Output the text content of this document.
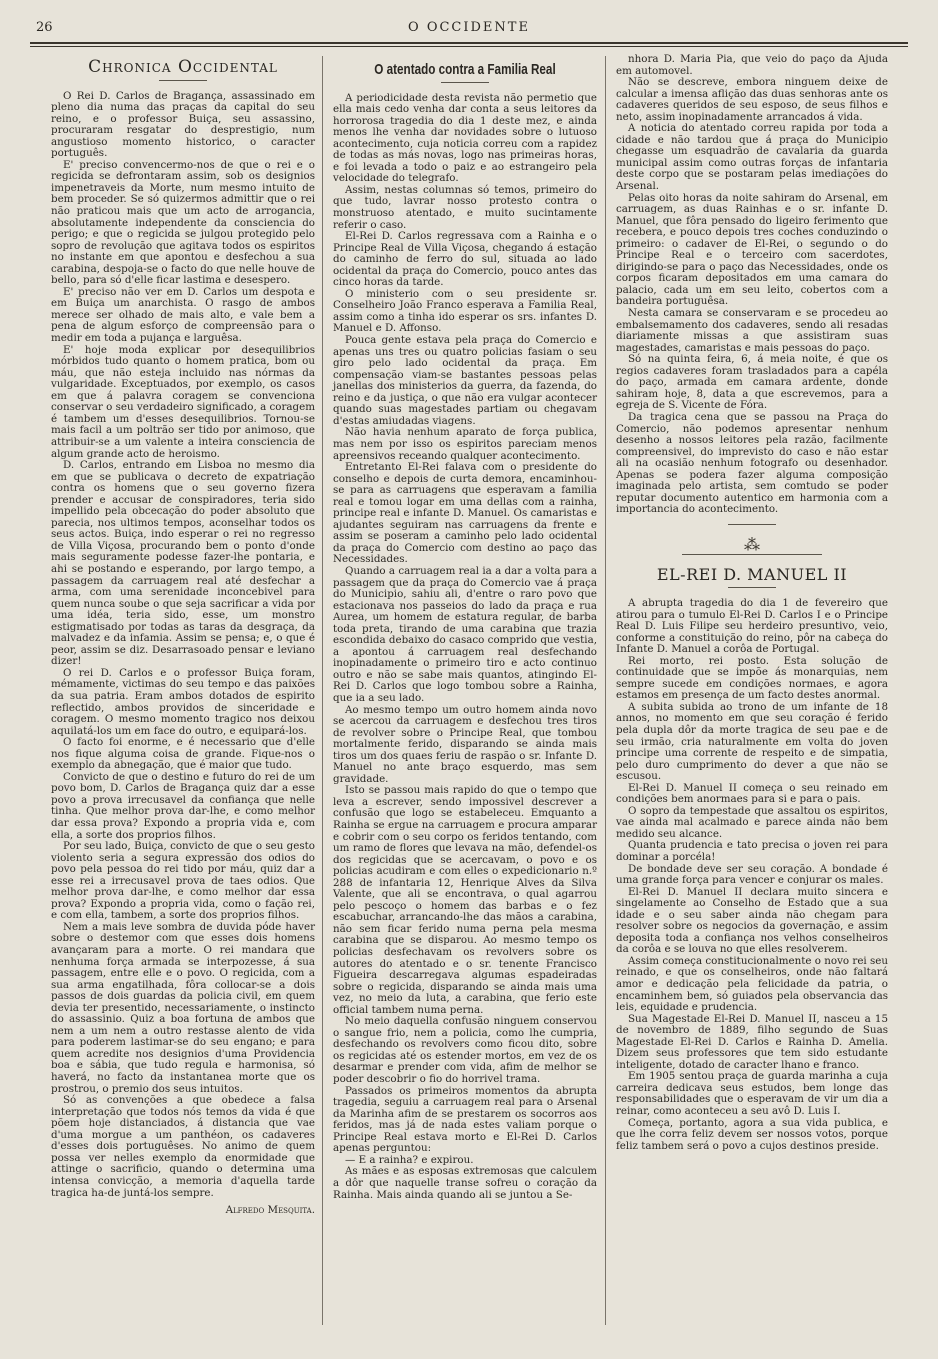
26	O OCCIDENTE
Chronica Occidental

O Rei D. Carlos de Bragança, assassinado em pleno dia numa das praças da capital do seu reino, e o professor Buiça, seu assassino, procuraram resgatar do desprestigio, num angustioso momento historico, o caracter português.

E' preciso convencermo-nos de que o rei e o regicida se defrontaram assim, sob os designios impenetraveis da Morte, num mesmo intuito de bem proceder. Se só quizermos admittir que o rei não praticou mais que um acto de arrogancia, absolutamente independente da consciencia do perigo; e que o regicida se julgou protegido pelo sopro de revolução que agitava todos os espiritos no instante em que apontou e desfechou a sua carabina, despoja-se o facto do que nelle houve de bello, para só d'elle ficar lastima e desespero.

E' preciso não ver em D. Carlos um despota e em Buiça um anarchista. O rasgo de ambos merece ser olhado de mais alto, e vale bem a pena de algum esforço de compreensão para o medir em toda a pujança e larguêsa.

E' hoje moda explicar por desequilibrios mórbidos tudo quanto o homem pratica, bom ou máu, que não esteja incluido nas nórmas da vulgaridade. Exceptuados, por exemplo, os casos em que á palavra coragem se convenciona conservar o seu verdadeiro significado, a coragem é tambem um d'esses desequilibrios. Tornou-se mais facil a um poltrão ser tido por animoso, que attribuir-se a um valente a inteira consciencia de algum grande acto de heroismo.

D. Carlos, entrando em Lisboa no mesmo dia em que se publicava o decreto de expatriação contra os homens que o seu governo fizera prender e accusar de conspiradores, teria sido impellido pela obcecação do poder absoluto que parecia, nos ultimos tempos, aconselhar todos os seus actos. Buiça, indo esperar o rei no regresso de Villa Viçosa, procurando bem o ponto d'onde mais seguramente podesse fazer-lhe pontaria, e ahi se postando e esperando, por largo tempo, a passagem da carruagem real até desfechar a arma, com uma serenidade inconcebivel para quem nunca soube o que seja sacrificar a vida por uma idéa, teria sido, esse, um monstro estigmatisado por todas as taras da desgraça, da malvadez e da infamia. Assim se pensa; e, o que é peor, assim se diz. Desarrasoado pensar e leviano dizer!

O rei D. Carlos e o professor Buiça foram, mémamente, victimas do seu tempo e das paixões da sua patria. Eram ambos dotados de espirito reflectido, ambos providos de sinceridade e coragem. O mesmo momento tragico nos deixou aquilatá-los um em face do outro, e equipará-los.

O facto foi enorme, e é necessario que d'elle nos fique alguma coisa de grande. Fique-nos o exemplo da abnegação, que é maior que tudo.

Convicto de que o destino e futuro do rei de um povo bom, D. Carlos de Bragança quiz dar a esse povo a prova irrecusavel da confiança que nelle tinha. Que melhor prova dar-lhe, e como melhor dar essa prova? Expondo a propria vida e, com ella, a sorte dos proprios filhos.

Por seu lado, Buiça, convicto de que o seu gesto violento seria a segura expressão dos odios do povo pela pessoa do rei tido por máu, quiz dar a esse rei a irrecusavel prova de taes odios. Que melhor prova dar-lhe, e como melhor dar essa prova? Expondo a propria vida, como o fação rei, e com ella, tambem, a sorte dos proprios filhos.

Nem a mais leve sombra de duvida póde haver sobre o destemor com que esses dois homens avançaram para a morte. O rei mandara que nenhuma força armada se interpozesse, á sua passagem, entre elle e o povo. O regicida, com a sua arma engatilhada, fôra collocar-se a dois passos de dois guardas da policia civil, em quem devia ter presentido, necessariamente, o instincto do assassinio. Quiz a boa fortuna de ambos que nem a um nem a outro restasse alento de vida para poderem lastimar-se do seu engano; e para quem acredite nos designios d'uma Providencia boa e sábia, que tudo regula e harmonisa, só haverá, no facto da instantanea morte que os prostrou, o premio dos seus intuitos.

Só as convenções a que obedece a falsa interpretação que todos nós temos da vida é que põem hoje distanciados, á distancia que vae d'uma morgue a um panthéon, os cadaveres d'esses dois portuguêses. No animo de quem possa ver nelles exemplo da enormidade que attinge o sacrificio, quando o determina uma intensa convicção, a memoria d'aquella tarde tragica ha-de juntá-los sempre.

Alfredo Mesquita.

O atentado contra a Familia Real

A periodicidade desta revista não permetio que ella mais cedo venha dar conta a seus leitores da horrorosa tragedia do dia 1 deste mez, e ainda menos lhe venha dar novidades sobre o lutuoso acontecimento, cuja noticia correu com a rapidez de todas as más novas, logo nas primeiras horas, e foi levada a todo o paiz e ao estrangeiro pela velocidade do telegrafo.

Assim, nestas columnas só temos, primeiro do que tudo, lavrar nosso protesto contra o monstruoso atentado, e muito sucintamente referir o caso.

El-Rei D. Carlos regressava com a Rainha e o Principe Real de Villa Viçosa, chegando á estação do caminho de ferro do sul, situada ao lado ocidental da praça do Comercio, pouco antes das cinco horas da tarde.

O ministerio com o seu presidente sr. Conselheiro João Franco esperava a Familia Real, assim como a tinha ido esperar os srs. infantes D. Manuel e D. Affonso.

Pouca gente estava pela praça do Comercio e apenas uns tres ou quatro policias fasiam o seu giro pelo lado ocidental da praça. Em compensação viam-se bastantes pessoas pelas janellas dos ministerios da guerra, da fazenda, do reino e da justiça, o que não era vulgar acontecer quando suas magestades partiam ou chegavam d'estas amiudadas viagens.

Não havia nenhum aparato de força publica, mas nem por isso os espiritos pareciam menos apreensivos receando qualquer acontecimento.

Entretanto El-Rei falava com o presidente do conselho e depois de curta demora, encaminhou-se para as carruagens que esperavam a familia real e tomou logar em uma dellas com a rainha, principe real e infante D. Manuel. Os camaristas e ajudantes seguiram nas carruagens da frente e assim se poseram a caminho pelo lado ocidental da praça do Comercio com destino ao paço das Necessidades.

Quando a carruagem real ia a dar a volta para a passagem que da praça do Comercio vae á praça do Municipio, sahiu ali, d'entre o raro povo que estacionava nos passeios do lado da praça e rua Aurea, um homem de estatura regular, de barba toda preta, tirando de uma carabina que trazia escondida debaixo do casaco comprido que vestia, a apontou á carruagem real desfechando inopinadamente o primeiro tiro e acto continuo outro e não se sabe mais quantos, atingindo El-Rei D. Carlos que logo tombou sobre a Rainha, que ia a seu lado.

Ao mesmo tempo um outro homem ainda novo se acercou da carruagem e desfechou tres tiros de revolver sobre o Principe Real, que tombou mortalmente ferido, disparando se ainda mais tiros um dos quaes feriu de raspão o sr. Infante D. Manuel no ante braço esquerdo, mas sem gravidade.

Isto se passou mais rapido do que o tempo que leva a escrever, sendo impossivel descrever a confusão que logo se estabeleceu. Emquanto a Rainha se ergue na carruagem e procura amparar e cobrir com o seu corpo os feridos tentando, com um ramo de flores que levava na mão, defendel-os dos regicidas que se acercavam, o povo e os policias acudiram e com elles o expedicionario n.º 288 de infantaria 12, Henrique Alves da Silva Valente, que ali se encontrava, o qual agarrou pelo pescoço o homem das barbas e o fez escabuchar, arrancando-lhe das mãos a carabina, não sem ficar ferido numa perna pela mesma carabina que se disparou. Ao mesmo tempo os policias desfechavam os revolvers sobre os autores do atentado e o sr. tenente Francisco Figueira descarregava algumas espadeiradas sobre o regicida, disparando se ainda mais uma vez, no meio da luta, a carabina, que ferio este official tambem numa perna.

No meio daquella confusão ninguem conservou o sangue frio, nem a policia, como lhe cumpria, desfechando os revolvers como ficou dito, sobre os regicidas até os estender mortos, em vez de os desarmar e prender com vida, afim de melhor se poder descobrir o fio do horrivel trama.

Passados os primeiros momentos da abrupta tragedia, seguiu a carruagem real para o Arsenal da Marinha afim de se prestarem os socorros aos feridos, mas já de nada estes valiam porque o Principe Real estava morto e El-Rei D. Carlos apenas perguntou:

— E a rainha? e expirou.

As mães e as esposas extremosas que calculem a dôr que naquelle transe sofreu o coração da Rainha. Mais ainda quando ali se juntou a Se-

nhora D. Maria Pia, que veio do paço da Ajuda em automovel.

Não se descreve, embora ninguem deixe de calcular a imensa aflição das duas senhoras ante os cadaveres queridos de seu esposo, de seus filhos e neto, assim inopinadamente arrancados á vida.

A noticia do atentado correu rapida por toda a cidade e não tardou que á praça do Municipio chegasse um esquadrão de cavalaria da guarda municipal assim como outras forças de infantaria deste corpo que se postaram pelas imediações do Arsenal.

Pelas oito horas da noite sahiram do Arsenal, em carruagem, as duas Rainhas e o sr. infante D. Manuel, que fôra pensado do ligeiro ferimento que recebera, e pouco depois tres coches conduzindo o primeiro: o cadaver de El-Rei, o segundo o do Principe Real e o terceiro com sacerdotes, dirigindo-se para o paço das Necessidades, onde os corpos ficaram depositados em uma camara do palacio, cada um em seu leito, cobertos com a bandeira portuguêsa.

Nesta camara se conservaram e se procedeu ao embalsemamento dos cadaveres, sendo ali resadas diariamente missas a que assistiram suas magestades, camaristas e mais pessoas do paço.

Só na quinta feira, 6, á meia noite, é que os regios cadaveres foram trasladados para a capéla do paço, armada em camara ardente, donde sahiram hoje, 8, data a que escrevemos, para a egreja de S. Vicente de Fóra.

Da tragica cena que se passou na Praça do Comercio, não podemos apresentar nenhum desenho a nossos leitores pela razão, facilmente compreensivel, do imprevisto do caso e não estar ali na ocasião nenhum fotografo ou desenhador. Apenas se podera fazer alguma composição imaginada pelo artista, sem comtudo se poder reputar documento autentico em harmonia com a importancia do acontecimento.

⁂
EL-REI D. MANUEL II

A abrupta tragedia do dia 1 de fevereiro que atirou para o tumulo El-Rei D. Carlos I e o Principe Real D. Luis Filipe seu herdeiro presuntivo, veio, conforme a constituição do reino, pôr na cabeça do Infante D. Manuel a corôa de Portugal.

Rei morto, rei posto. Esta solução de continuidade que se impõe ás monarquias, nem sempre sucede em condições normaes, e agora estamos em presença de um facto destes anormal.

A subita subida ao trono de um infante de 18 annos, no momento em que seu coração é ferido pela dupla dôr da morte tragica de seu pae e de seu irmão, cria naturalmente em volta do joven principe uma corrente de respeito e de simpatia, pelo duro cumprimento do dever a que não se escusou.

El-Rei D. Manuel II começa o seu reinado em condições bem anormaes para si e para o pais.

O sopro da tempestade que assaltou os espiritos, vae ainda mal acalmado e parece ainda não bem medido seu alcance.

Quanta prudencia e tato precisa o joven rei para dominar a porcéla!

De bondade deve ser seu coração. A bondade é uma grande força para vencer e conjurar os males.

El-Rei D. Manuel II declara muito sincera e singelamente ao Conselho de Estado que a sua idade e o seu saber ainda não chegam para resolver sobre os negocios da governação, e assim deposita toda a confiança nos velhos conselheiros da corôa e se louva no que elles resolverem.

Assim começa constitucionalmente o novo rei seu reinado, e que os conselheiros, onde não faltará amor e dedicação pela felicidade da patria, o encaminhem bem, só guiados pela observancia das leis, equidade e prudencia.

Sua Magestade El-Rei D. Manuel II, nasceu a 15 de novembro de 1889, filho segundo de Suas Magestade El-Rei D. Carlos e Rainha D. Amelia. Dizem seus professores que tem sido estudante inteligente, dotado de caracter lhano e franco.

Em 1905 sentou praça de guarda marinha a cuja carreira dedicava seus estudos, bem longe das responsabilidades que o esperavam de vir um dia a reinar, como aconteceu a seu avô D. Luis I.

Começa, portanto, agora a sua vida publica, e que lhe corra feliz devem ser nossos votos, porque feliz tambem será o povo a cujos destinos preside.
